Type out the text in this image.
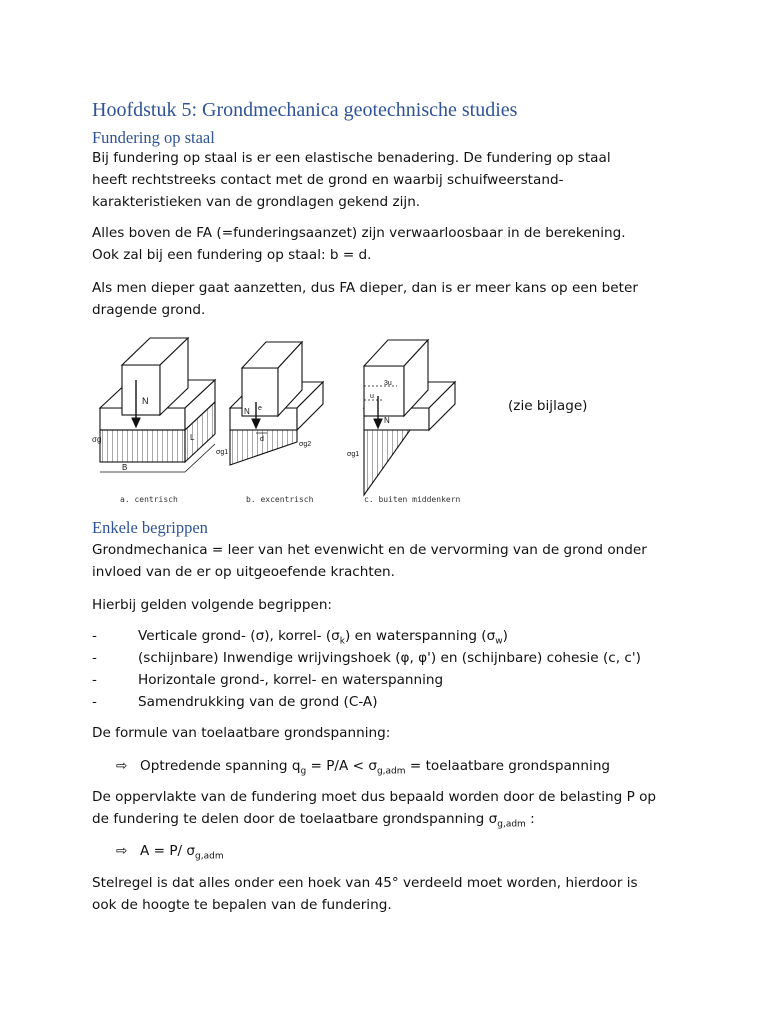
Hoofdstuk 5: Grondmechanica geotechnische studies
Fundering op staal
Bij fundering op staal is er een elastische benadering. De fundering op staal
heeft rechtstreeks contact met de grond en waarbij schuifweerstand-
karakteristieken van de grondlagen gekend zijn.
Alles boven de FA (=funderingsaanzet) zijn verwaarloosbaar in de berekening.
Ook zal bij een fundering op staal: b = d.
Als men dieper gaat aanzetten, dus FA dieper, dan is er meer kans op een beter
dragende grond.
N
σg
B
L
N e
d
σg1
σg2
3u
u
N
σg1
a. centrisch	b. excentrisch	c. buiten middenkern
(zie bijlage)
Enkele begrippen
Grondmechanica = leer van het evenwicht en de vervorming van de grond onder
invloed van de er op uitgeoefende krachten.
Hierbij gelden volgende begrippen:
-	Verticale grond- (σ), korrel- $(\sigma_k)$ en waterspanning $(\sigma_w)$
-	(schijnbare) Inwendige wrijvingshoek (φ, φ') en (schijnbare) cohesie (c, c')
-	Horizontale grond-, korrel- en waterspanning
-	Samendrukking van de grond (C-A)
De formule van toelaatbare grondspanning:
⇨ Optredende spanning $q_g = P/A < \sigma_{g,adm}$ = toelaatbare grondspanning
De oppervlakte van de fundering moet dus bepaald worden door de belasting P op
de fundering te delen door de toelaatbare grondspanning $\sigma_{g,adm}$ :
⇨ A = P/ $\sigma_{g,adm}$
Stelregel is dat alles onder een hoek van 45° verdeeld moet worden, hierdoor is
ook de hoogte te bepalen van de fundering.
